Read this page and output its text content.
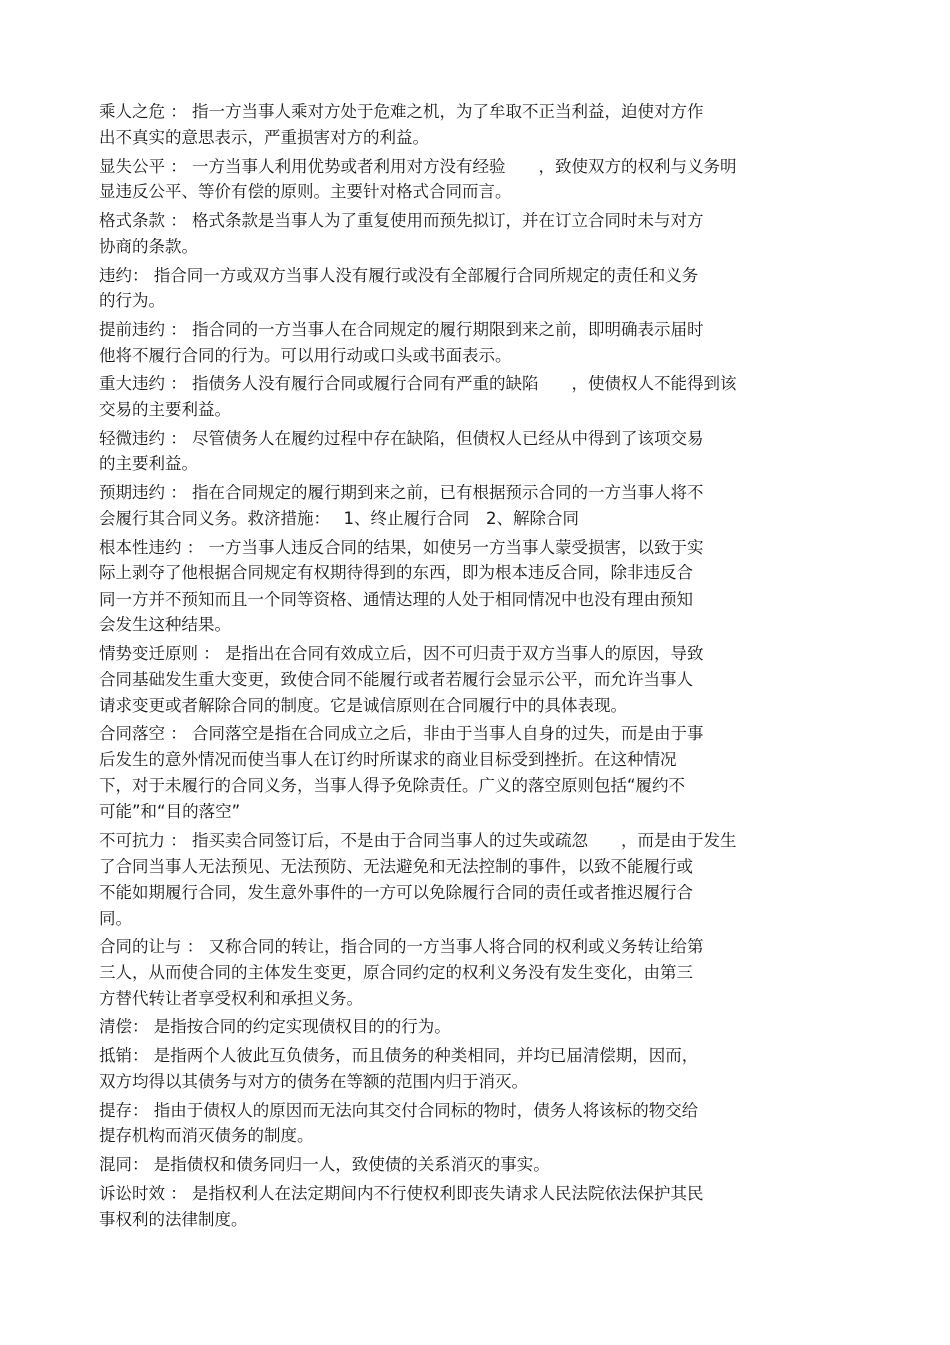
乘人之危 ： 指一方当事人乘对方处于危难之机，为了牟取不正当利益，迫使对方作

出不真实的意思表示，严重损害对方的利益。

显失公平 ： 一方当事人利用优势或者利用对方没有经验　　，致使双方的权利与义务明

显违反公平、等价有偿的原则。主要针对格式合同而言。

格式条款 ： 格式条款是当事人为了重复使用而预先拟订，并在订立合同时未与对方

协商的条款。

违约： 指合同一方或双方当事人没有履行或没有全部履行合同所规定的责任和义务

的行为。

提前违约 ： 指合同的一方当事人在合同规定的履行期限到来之前，即明确表示届时

他将不履行合同的行为。可以用行动或口头或书面表示。

重大违约 ： 指债务人没有履行合同或履行合同有严重的缺陷　　，使债权人不能得到该

交易的主要利益。

轻微违约 ： 尽管债务人在履约过程中存在缺陷，但债权人已经从中得到了该项交易

的主要利益。

预期违约 ： 指在合同规定的履行期到来之前，已有根据预示合同的一方当事人将不

会履行其合同义务。救济措施：　 1、终止履行合同　2、解除合同

根本性违约 ： 一方当事人违反合同的结果，如使另一方当事人蒙受损害，以致于实

际上剥夺了他根据合同规定有权期待得到的东西，即为根本违反合同，除非违反合

同一方并不预知而且一个同等资格、通情达理的人处于相同情况中也没有理由预知

会发生这种结果。

情势变迁原则 ： 是指出在合同有效成立后，因不可归责于双方当事人的原因，导致

合同基础发生重大变更，致使合同不能履行或者若履行会显示公平，而允许当事人

请求变更或者解除合同的制度。它是诚信原则在合同履行中的具体表现。

合同落空 ： 合同落空是指在合同成立之后，非由于当事人自身的过失，而是由于事

后发生的意外情况而使当事人在订约时所谋求的商业目标受到挫折。在这种情况

下，对于未履行的合同义务，当事人得予免除责任。广义的落空原则包括“履约不

可能”和“目的落空”

不可抗力 ： 指买卖合同签订后，不是由于合同当事人的过失或疏忽　　，而是由于发生

了合同当事人无法预见、无法预防、无法避免和无法控制的事件，以致不能履行或

不能如期履行合同，发生意外事件的一方可以免除履行合同的责任或者推迟履行合

同。

合同的让与 ： 又称合同的转让，指合同的一方当事人将合同的权利或义务转让给第

三人，从而使合同的主体发生变更，原合同约定的权利义务没有发生变化，由第三

方替代转让者享受权利和承担义务。

清偿： 是指按合同的约定实现债权目的的行为。

抵销： 是指两个人彼此互负债务，而且债务的种类相同，并均已届清偿期，因而，

双方均得以其债务与对方的债务在等额的范围内归于消灭。

提存： 指由于债权人的原因而无法向其交付合同标的物时，债务人将该标的物交给

提存机构而消灭债务的制度。

混同： 是指债权和债务同归一人，致使债的关系消灭的事实。

诉讼时效 ： 是指权利人在法定期间内不行使权利即丧失请求人民法院依法保护其民

事权利的法律制度。
